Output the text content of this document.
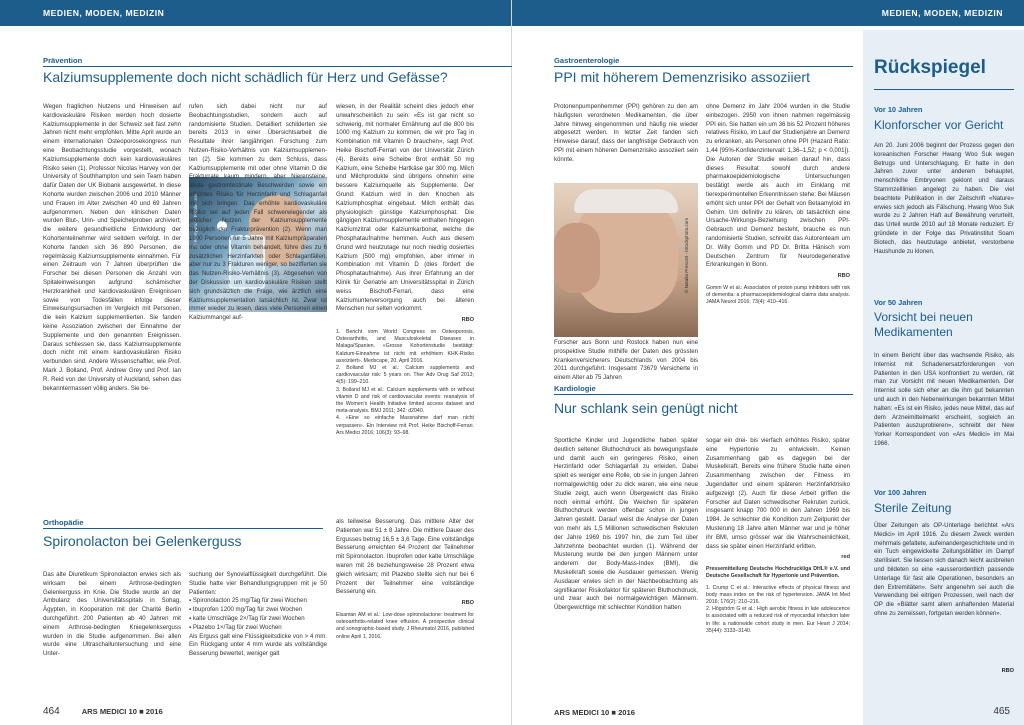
MEDIEN, MODEN, MEDIZIN
Prävention
Kalziumsupplemente doch nicht schädlich für Herz und Gefässe?
Wegen fraglichen Nutzens und Hinweisen auf kardiovaskuläre Risiken werden hoch dosierte Kalziumsupplemente in der Schweiz seit fast zehn Jahren nicht mehr empfohlen. Mitte April wurde an einem internationalen Osteoporosekongress nun eine Beobachtungsstudie vorgestellt, wonach Kalziumsupplemente doch kein kardiovaskuläres Risiko seien (1). Professor Nicolas Harvey von der University of Southhampton und sein Team haben dafür Daten der UK Biobank ausgewertet. In diese Kohorte wurden zwischen 2006 und 2010 Männer und Frauen im Alter zwischen 40 und 69 Jahren aufgenommen. Neben den klinischen Daten wurden Blut-, Urin- und Speichelproben archiviert; die weitere gesundheitliche Entwicklung der Kohortenteilnehmer wird seitdem verfolgt. In der Kohorte fanden sich 36 890 Personen, die regelmässig Kalziumsupplemente einnahmen. Für einen Zeitraum von 7 Jahren überprüften die Forscher bei diesen Personen die Anzahl von Spitaleinweisungen aufgrund ischämischer Herzkrankheit und kardiovaskulären Ereignissen sowie von Todesfällen infolge dieser Einweisungsursachen im Vergleich mit Personen, die kein Kalzium supplementierten. Sie fanden keine Assoziation zwischen der Einnahme der Supplemente und den genannten Ereignissen. Daraus schliessen sie, dass Kalziumsupplemente doch nicht mit einem kardiovaskulären Risiko verbunden sind. Andere Wissenschaftler, wie Prof. Mark J. Bolland, Prof. Andrew Grey und Prof. Ian R. Reid von der University of Auckland, sehen das bekanntermassen völlig anders. Sie be-
© Rumyanat - Fotolia.com
rufen sich dabei nicht nur auf Beobachtungsstudien, sondern auch auf randomisierte Studien. Detailliert schilderten sie bereits 2013 in einer Übersichtsarbeit die Resultate ihrer langjährigen Forschung zum Nutzen-Risiko-Verhältnis von Kalziumsupplemen- ten (2). Sie kommen zu dem Schluss, dass Kalziumsupplemente mit oder ohne Vitamin D die Frakturrate kaum mindern, aber Nierensteine, akute gastrointestinale Beschwerden sowie ein erhöhtes Risiko für Herzinfarkt und Schlaganfall mit sich bringen. Das erhöhte kardiovaskuläre Risiko sei auf jeden Fall schwerwiegender als jeglicher Nutzen der Kalziumsupplemente bezüglich der Frakturprävention (2). Wenn man 1000 Personen für 5 Jahre mit Kalziumpräparaten mit oder ohne Vitamin behandelt, führe dies zu 6 zusätzlichen Herzinfarkten oder Schlaganfällen, aber nur zu 3 Frakturen weniger, so bezifferten sie das Nutzen-Risiko-Verhältnis (3). Abgesehen von der Diskussion um kardiovaskuläre Risiken stellt sich grundsätzlich die Frage, wie ärztlich eine Kalziumsupplementation tatsächlich ist. Zwar ist immer wieder zu lesen, dass viele Personen einen Kalziummangel auf-
wiesen, in der Realität scheint dies jedoch eher unwahrscheinlich zu sein: «Es ist gar nicht so schwierig, mit normaler Ernährung auf die 800 bis 1000 mg Kalzium zu kommen, die wir pro Tag in Kombination mit Vitamin D brauchen», sagt Prof. Heike Bischoff-Ferrari von der Universität Zürich (4). Bereits eine Scheibe Brot enthält 50 mg Kalzium, eine Scheibe Hartkäse gar 300 mg. Milch und Milchprodukte sind übrigens ohnehin eine bessere Kalziumquelle als Supplemente. Der Grund: Kalzium wird in den Knochen als Kalziumphosphat eingebaut. Milch enthält das physiologisch günstige Kalziumphosphat. Die gängigen Kalziumsupplemente enthalten hingegen Kalziumzitrat oder Kalziumkarbonat, welche die Phosphataufnahme hemmen. Auch aus diesem Grund wird heutzutage nur noch niedrig dosiertes Kalzium (500 mg) empfohlen, aber immer in Kombination mit Vitamin D (dies fördert die Phosphataufnahme). Aus ihrer Erfahrung an der Klinik für Geriatrie am Universitätsspital in Zürich weiss Bischoff-Ferrari, dass eine Kalziumunterversorgung auch bei älteren Menschen nur selten vorkommt.
RBO
1. Bericht vom World Congress on Osteoporosis, Osteoarthritis, and Musculoskeletal Diseases in Malaga/Spanien. «Grosse Kohortenstudie bestätigt: Kalzium-Einnahme ist nicht mit erhöhtem KHK-Risiko assoziiert». Medscape, 20. April 2016.
2. Bolland MJ et al.: Calcium supplements and cardiovascular risk: 5 years on. Ther Adv Drug Saf 2013; 4(5): 199–210.
3. Bolland MJ et al.: Calcium supplements with or without vitamin D and risk of cardiovascular events: reanalysis of the Women's Health Initiative limited access dataset and meta-analysis. BMJ 2011; 342: d2040.
4. «Eine so einfache Massnahme darf man nicht verpassen». Ein Interview mit Prof. Heike Bischoff-Ferrari. Ars Medici 2016; 106(3): 93–98.
Orthopädie
Spironolacton bei Gelenkerguss
Das alte Diuretikum Spironolacton erwies sich als wirksam bei einem Arthrose-bedingten Gelenkerguss im Knie. Die Studie wurde an der Ambulanz des Universitätsspitals in Sohag, Ägypten, in Kooperation mit der Charité Berlin durchgeführt. 200 Patienten ab 40 Jahren mit einem Arthrose-bedingten Kniegelenkserguss wurden in die Studie aufgenommen. Bei allen wurde eine Ultraschalluntersuchung und eine Unter-
suchung der Synovialflüssigkeit durchgeführt. Die Studie hatte vier Behandlungsgruppen mit je 50 Patienten:
▪ Spironolacton 25 mg/Tag für zwei Wochen
▪ Ibuprofen 1200 mg/Tag für zwei Wochen
▪ kalte Umschläge 2×/Tag für zwei Wochen
▪ Plazebo 1×/Tag für zwei Wochen
Als Erguss galt eine Flüssigkeitsdicke von > 4 mm. Ein Rückgang unter 4 mm wurde als vollständige Besserung bewertet, weniger galt
als teilweise Besserung. Das mittlere Alter der Patienten war 51 ± 8 Jahre. Die mittlere Dauer des Ergusses betrug 16,5 ± 3,6 Tage. Eine vollständige Besserung erreichten 64 Prozent der Teilnehmer mit Spironolacton. Ibuprofen oder kalte Umschläge waren mit 26 beziehungsweise 28 Prozent etwa gleich wirksam; mit Plazebo stellte sich nur bei 6 Prozent der Teilnehmer eine vollständige Besserung ein.
RBO
Elsaman AM et al.: Low-dose spironolactone: treatment for osteoarthritis-related knee effusion. A prospective clinical and sonographic-based study. J Rheumatol 2016, published online April 1, 2016.
464	ARS MEDICI 10 ■ 2016
MEDIEN, MODEN, MEDIZIN
Gastroenterologie
PPI mit höherem Demenzrisiko assoziiert
Protonenpumpenhemmer (PPI) gehören zu den am häufigsten verordneten Medikamenten, die über Jahre hinweg eingenommen und häufig nie wieder abgesetzt werden. In letzter Zeit fanden sich Hinweise darauf, dass der langfristige Gebrauch von PPI mit einem höheren Demenzrisiko assoziiert sein könnte.
© Natalia Prescott - iStockphoto.com
Forscher aus Bonn und Rostock haben nun eine prospektive Studie mithilfe der Daten des grössten Krankenversicherers Deutschlands von 2004 bis 2011 durchgeführt. Insgesamt 73679 Versicherte in einem Alter ab 75 Jahren
ohne Demenz im Jahr 2004 wurden in die Studie einbezogen. 2950 von ihnen nahmen regelmässig PPI ein. Sie hatten ein um 36 bis 52 Prozent höheres relatives Risiko, im Lauf der Studienjahre an Demenz zu erkranken, als Personen ohne PPI (Hazard Ratio: 1,44 [95%-Konfidenzintervall: 1,36–1,52; p < 0,001]). Die Autoren der Studie weisen darauf hin, dass dieses Resultat sowohl durch andere pharmakoepidemiologische Untersuchungen bestätigt werde als auch im Einklang mit tierexperimentellen Erkenntnissen stehe: Bei Mäusen erhöht sich unter PPI der Gehalt von Betaamyloid im Gehirn. Um definitiv zu klären, ob tatsächlich eine Ursache-Wirkungs-Beziehung zwischen PPI-Gebrauch und Demenz besteht, brauche es nun randomisierte Studien, schreibt das Autorenteam um Dr. Willy Gomm und PD Dr. Britta Hänisch vom Deutschen Zentrum für Neurodegenerative Erkrankungen in Bonn.
RBO
Gomm W et al.: Association of proton pump inhibitors with risk of dementia: a pharmacoepidemiological claims data analysis. JAMA Neurol 2016; 73(4): 410–416.
Kardiologie
Nur schlank sein genügt nicht
Sportliche Kinder und Jugendliche haben später deutlich seltener Bluthochdruck als bewegungsfaule und damit auch ein geringeres Risiko, einen Herzinfarkt oder Schlaganfall zu erleiden. Dabei spielt es weniger eine Rolle, ob sie in jungen Jahren normalgewichtig oder zu dick waren, wie eine neue Studie zeigt, auch wenn Übergewicht das Risiko noch einmal erhöht. Die Weichen für späteren Bluthochdruck werden offenbar schon in jungen Jahren gestellt. Darauf weist die Analyse der Daten von mehr als 1,5 Millionen schwedischen Rekruten der Jahre 1969 bis 1997 hin, die zum Teil über Jahrzehnte beobachtet wurden (1). Während der Musterung wurde bei den jungen Männern unter anderem der Body-Mass-Index (BMI), die Muskelkraft sowie die Ausdauer gemessen. Wenig Ausdauer erwies sich in der Nachbeobachtung als signifikanter Risikofaktor für späteren Bluthochdruck, und zwar auch bei normalgewichtigen Männern. Übergewichtige mit schlechter Kondition hatten
sogar ein drei- bis vierfach erhöhtes Risiko, später eine Hypertonie zu entwickeln. Keinen Zusammenhang gab es dagegen bei der Muskelkraft. Bereits eine frühere Studie hatte einen Zusammenhang zwischen der Fitness im Jugendalter und einem späteren Herzinfarktrisiko aufgezeigt (2). Auch für diese Arbeit griffen die Forscher auf Daten schwedischer Rekruten zurück, insgesamt knapp 700 000 in den Jahren 1969 bis 1984. Je schlechter die Kondition zum Zeitpunkt der Musterung 18 Jahre alten Männer war und je höher ihr BMI, umso grösser war die Wahrscheinlichkeit, dass sie später einen Herzinfarkt erlitten.
red
Pressemitteilung Deutsche Hochdruckliga DHL® e.V. und Deutsche Gesellschaft für Hypertonie und Prävention.
1. Crump C et al.: Interactive effects of physical fitness and body mass index on the risk of hypertension. JAMA Int Med 2016; 176(2): 210–216.
2. Högström G et al.: High aerobic fitness in late adolescence is associated with a reduced risk of myocardial infarction later in life: a nationwide cohort study in men. Eur Heart J 2014; 35(44): 3133–3140.
Rückspiegel
Vor 10 Jahren
Klonforscher vor Gericht
Am 20. Juni 2006 beginnt der Prozess gegen den koreanischen Forscher Hwang Woo Suk wegen Betrugs und Unterschlagung. Er hatte in den Jahren zuvor unter anderem behauptet, menschliche Embryonen geklont und daraus Stammzelllinien angelegt zu haben. Die viel beachtete Publikation in der Zeitschrift «Nature» erwies sich jedoch als Fälschung. Hwang Woo Suk wurde zu 2 Jahren Haft auf Bewährung verurteilt, das Urteil wurde 2010 auf 18 Monate reduziert. Er gründete in der Folge das Privatinstitut Soam Biotech, das heutzutage anbietet, verstorbene Haushunde zu klonen.
Vor 50 Jahren
Vorsicht bei neuen Medikamenten
In einem Bericht über das wachsende Risiko, als Internist mit Schadenersatzforderungen von Patienten in den USA konfrontiert zu werden, rät man zur Vorsicht mit neuen Medikamenten. Der Internist solle sich eher an die ihm gut bekannten und auch in den Nebenwirkungen bekannten Mittel halten: «Es ist ein Risiko, jedes neue Mittel, das auf dem Arzneimittelmarkt erscheint, sogleich an Patienten auszuprobieren», schreibt der New Yorker Korrespondent von «Ars Medici» im Mai 1966.
Vor 100 Jahren
Sterile Zeitung
Über Zeitungen als OP-Unterlage berichtet «Ars Medici» im April 1916. Zu diesem Zweck werden mehrmals gefaltete, aufeinandergeschichtete und in ein Tuch eingewickelte Zeitungsblätter im Dampf sterilisiert. Sie liessen sich danach leicht ausbreiten und bildeten so eine «ausserordentlich passende Unterlage für fast alle Operationen, besonders an den Extremitäten». Sehr angenehm sei auch die Verwendung bei eitrigen Prozessen, weil nach der OP die «Blätter samt allem anhaftenden Material ohne zu zerreissen, fortgetan werden können».
RBO
ARS MEDICI 10 ■ 2016	465
